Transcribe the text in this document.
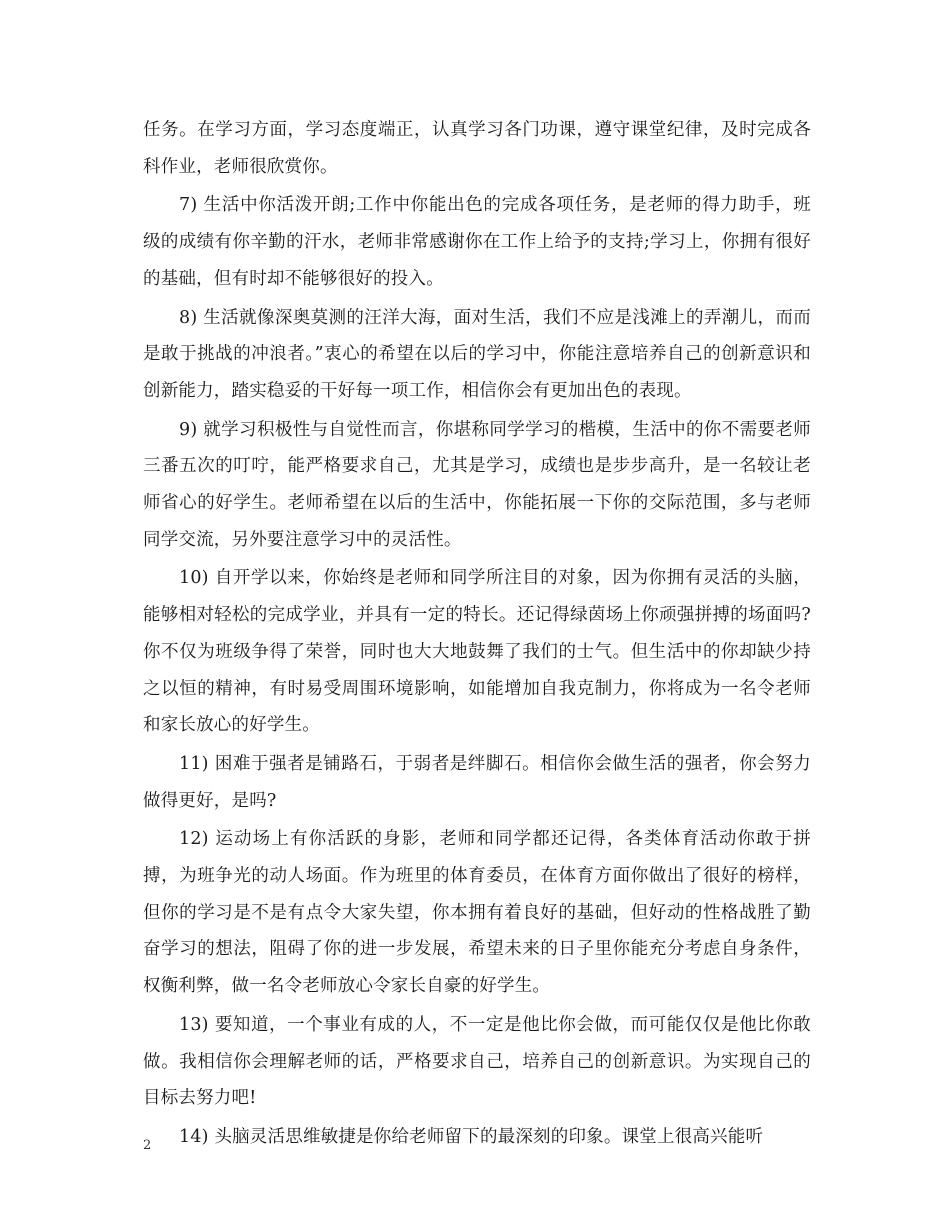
任务。在学习方面，学习态度端正，认真学习各门功课，遵守课堂纪律，及时完成各科作业，老师很欣赏你。

7) 生活中你活泼开朗;工作中你能出色的完成各项任务，是老师的得力助手，班级的成绩有你辛勤的汗水，老师非常感谢你在工作上给予的支持;学习上，你拥有很好的基础，但有时却不能够很好的投入。

8) 生活就像深奥莫测的汪洋大海，面对生活，我们不应是浅滩上的弄潮儿，而而是敢于挑战的冲浪者。”衷心的希望在以后的学习中，你能注意培养自己的创新意识和创新能力，踏实稳妥的干好每一项工作，相信你会有更加出色的表现。

9) 就学习积极性与自觉性而言，你堪称同学学习的楷模，生活中的你不需要老师三番五次的叮咛，能严格要求自己，尤其是学习，成绩也是步步高升，是一名较让老师省心的好学生。老师希望在以后的生活中，你能拓展一下你的交际范围，多与老师同学交流，另外要注意学习中的灵活性。

10) 自开学以来，你始终是老师和同学所注目的对象，因为你拥有灵活的头脑，能够相对轻松的完成学业，并具有一定的特长。还记得绿茵场上你顽强拼搏的场面吗?你不仅为班级争得了荣誉，同时也大大地鼓舞了我们的士气。但生活中的你却缺少持之以恒的精神，有时易受周围环境影响，如能增加自我克制力，你将成为一名令老师和家长放心的好学生。

11) 困难于强者是铺路石，于弱者是绊脚石。相信你会做生活的强者，你会努力做得更好，是吗?

12) 运动场上有你活跃的身影，老师和同学都还记得，各类体育活动你敢于拼搏，为班争光的动人场面。作为班里的体育委员，在体育方面你做出了很好的榜样，但你的学习是不是有点令大家失望，你本拥有着良好的基础，但好动的性格战胜了勤奋学习的想法，阻碍了你的进一步发展，希望未来的日子里你能充分考虑自身条件，权衡利弊，做一名令老师放心令家长自豪的好学生。

13) 要知道，一个事业有成的人，不一定是他比你会做，而可能仅仅是他比你敢做。我相信你会理解老师的话，严格要求自己，培养自己的创新意识。为实现自己的目标去努力吧!

14) 头脑灵活思维敏捷是你给老师留下的最深刻的印象。课堂上很高兴能听

2
